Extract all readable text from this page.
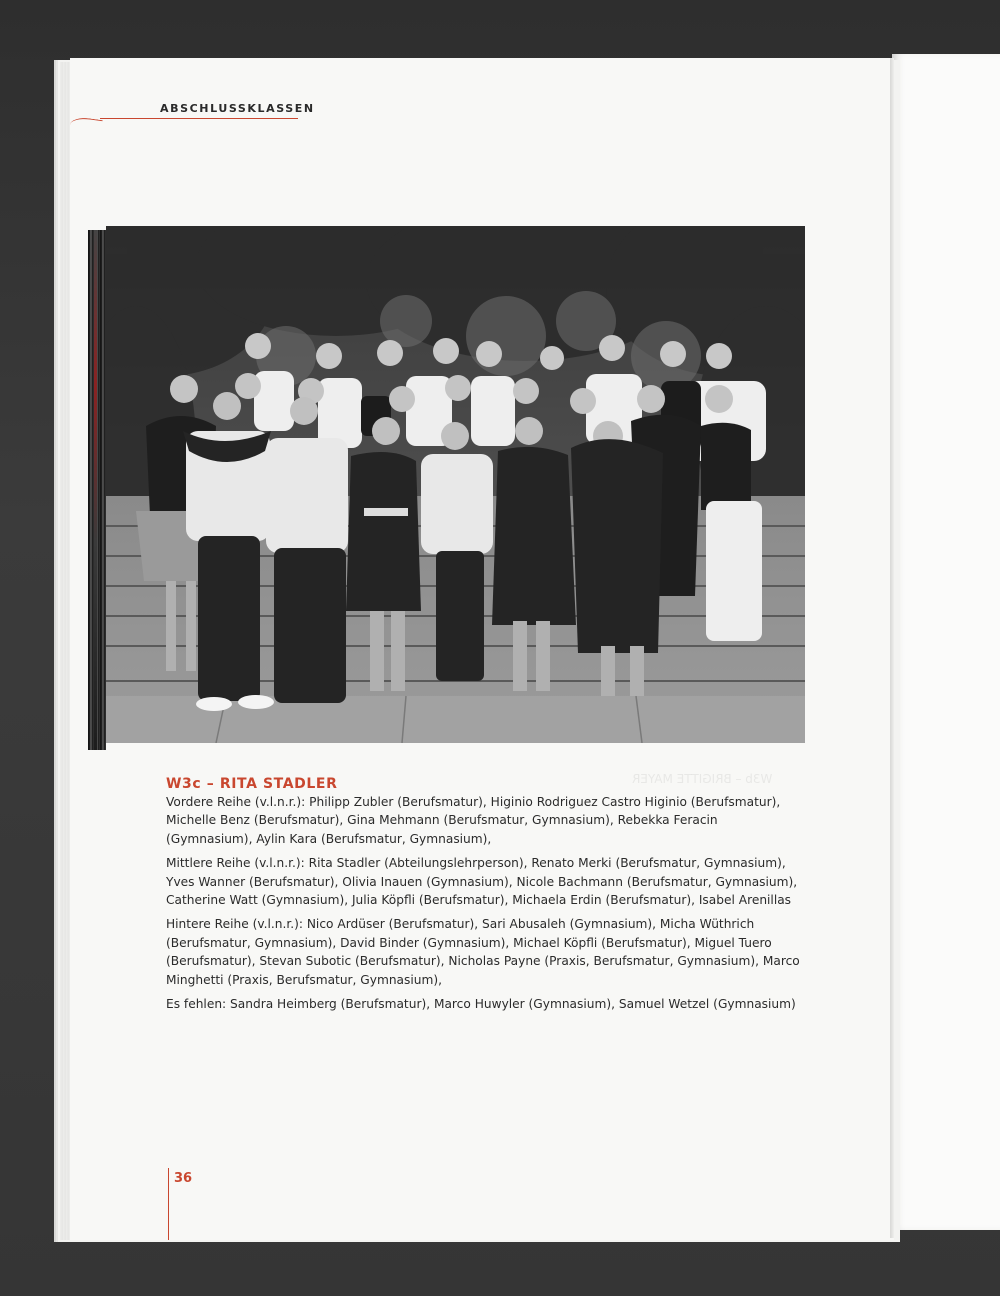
ABSCHLUSSKLASSEN
W3b – BRIGITTE MAYER
W3c – RITA STADLER

Vordere Reihe (v.l.n.r.): Philipp Zubler (Berufsmatur), Higinio Rodriguez Castro Higinio (Berufsmatur), Michelle Benz (Berufsmatur), Gina Mehmann (Berufsmatur, Gymnasium), Rebekka Feracin (Gymnasium), Aylin Kara (Berufsmatur, Gymnasium),

Mittlere Reihe (v.l.n.r.): Rita Stadler (Abteilungslehrperson), Renato Merki (Berufsmatur, Gymnasium), Yves Wanner (Berufsmatur), Olivia Inauen (Gymnasium), Nicole Bachmann (Berufsmatur, Gymnasium), Catherine Watt (Gymnasium), Julia Köpfli (Berufsmatur), Michaela Erdin (Berufsmatur), Isabel Arenillas

Hintere Reihe (v.l.n.r.): Nico Ardüser (Berufsmatur), Sari Abusaleh (Gymnasium), Micha Wüthrich (Berufsmatur, Gymnasium), David Binder (Gymnasium), Michael Köpfli (Berufsmatur), Miguel Tuero (Berufsmatur), Stevan Subotic (Berufsmatur), Nicholas Payne (Praxis, Berufsmatur, Gymnasium), Marco Minghetti (Praxis, Berufsmatur, Gymnasium),

Es fehlen: Sandra Heimberg (Berufsmatur), Marco Huwyler (Gymnasium), Samuel Wetzel (Gymnasium)

36
